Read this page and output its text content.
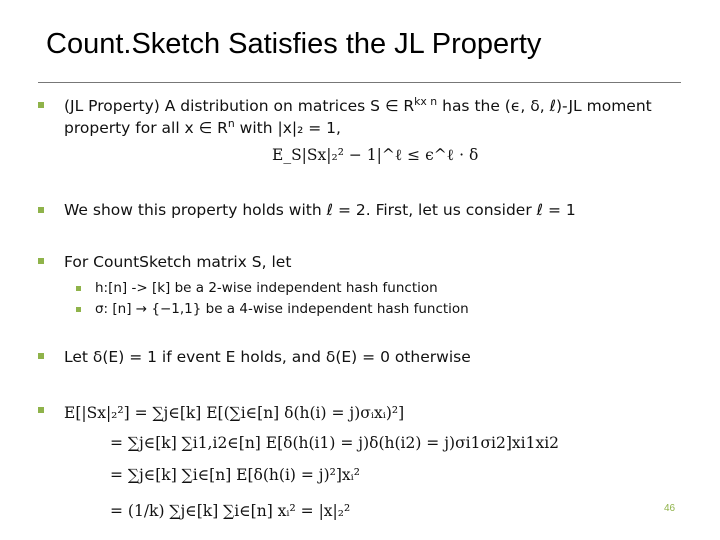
Count.Sketch Satisfies the JL Property
(JL Property) A distribution on matrices S ∈ $R^{kx n}$ has the (ϵ, δ, ℓ)-JL moment
property for all x ∈ $R^n$ with |x|₂ = 1,
E_S|Sx|₂² − 1|^ℓ ≤ ϵ^ℓ · δ
We show this property holds with ℓ = 2. First, let us consider ℓ = 1
For CountSketch matrix S, let
h:[n] -> [k] be a 2-wise independent hash function
σ: [n] → {−1,1} be a 4-wise independent hash function
Let δ(E) = 1 if event E holds, and δ(E) = 0 otherwise
E[|Sx|₂²] = ∑j∈[k] E[(∑i∈[n] δ(h(i) = j)σᵢxᵢ)²]
= ∑j∈[k] ∑i1,i2∈[n] E[δ(h(i1) = j)δ(h(i2) = j)σi1σi2]xi1xi2
= ∑j∈[k] ∑i∈[n] E[δ(h(i) = j)²]xᵢ²
= (1/k) ∑j∈[k] ∑i∈[n] xᵢ² = |x|₂²	46
